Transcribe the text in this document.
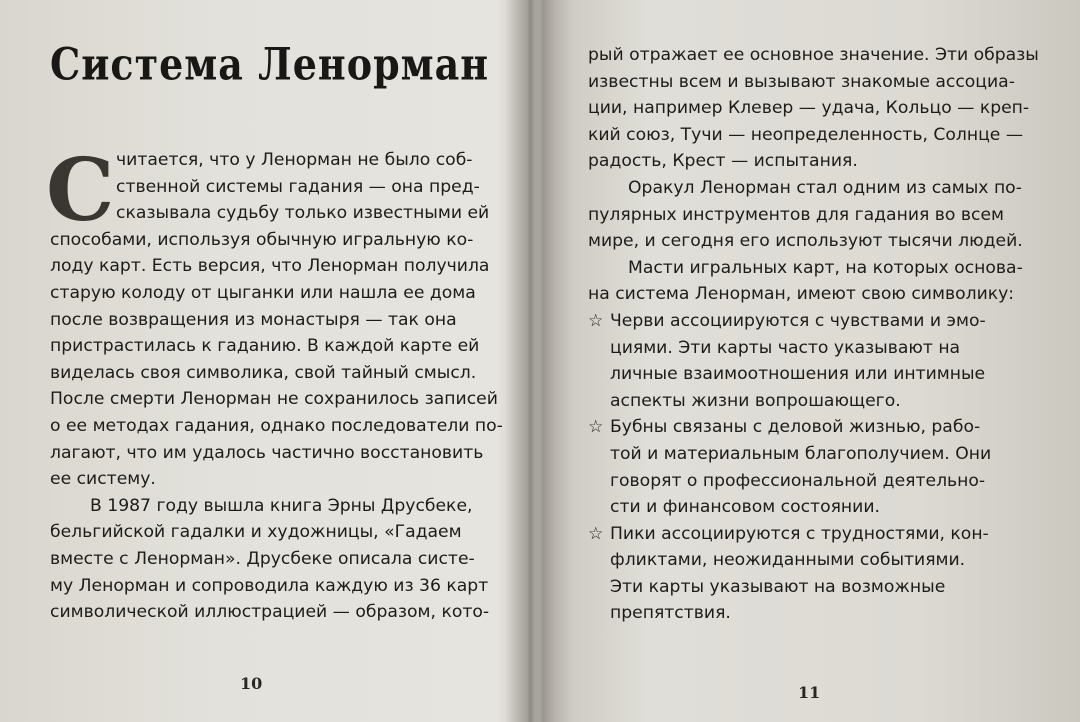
Система Ленорман
С читается, что у Ленорман не было соб-
ственной системы гадания — она пред-
сказывала судьбу только известными ей
способами, используя обычную игральную ко-
лоду карт. Есть версия, что Ленорман получила
старую колоду от цыганки или нашла ее дома
после возвращения из монастыря — так она
пристрастилась к гаданию. В каждой карте ей
виделась своя символика, свой тайный смысл.
После смерти Ленорман не сохранилось записей
о ее методах гадания, однако последователи по-
лагают, что им удалось частично восстановить
ее систему.
В 1987 году вышла книга Эрны Друсбеке,
бельгийской гадалки и художницы, «Гадаем
вместе с Ленорман». Друсбеке описала систе-
му Ленорман и сопроводила каждую из 36 карт
символической иллюстрацией — образом, кото-
10
рый отражает ее основное значение. Эти образы
известны всем и вызывают знакомые ассоциа-
ции, например Клевер — удача, Кольцо — креп-
кий союз, Тучи — неопределенность, Солнце —
радость, Крест — испытания.
Оракул Ленорман стал одним из самых по-
пулярных инструментов для гадания во всем
мире, и сегодня его используют тысячи людей.
Масти игральных карт, на которых основа-
на система Ленорман, имеют свою символику:
☆ Черви ассоциируются с чувствами и эмо-
циями. Эти карты часто указывают на
личные взаимоотношения или интимные
аспекты жизни вопрошающего.
☆ Бубны связаны с деловой жизнью, рабо-
той и материальным благополучием. Они
говорят о профессиональной деятельно-
сти и финансовом состоянии.
☆ Пики ассоциируются с трудностями, кон-
фликтами, неожиданными событиями.
Эти карты указывают на возможные
препятствия.
11
